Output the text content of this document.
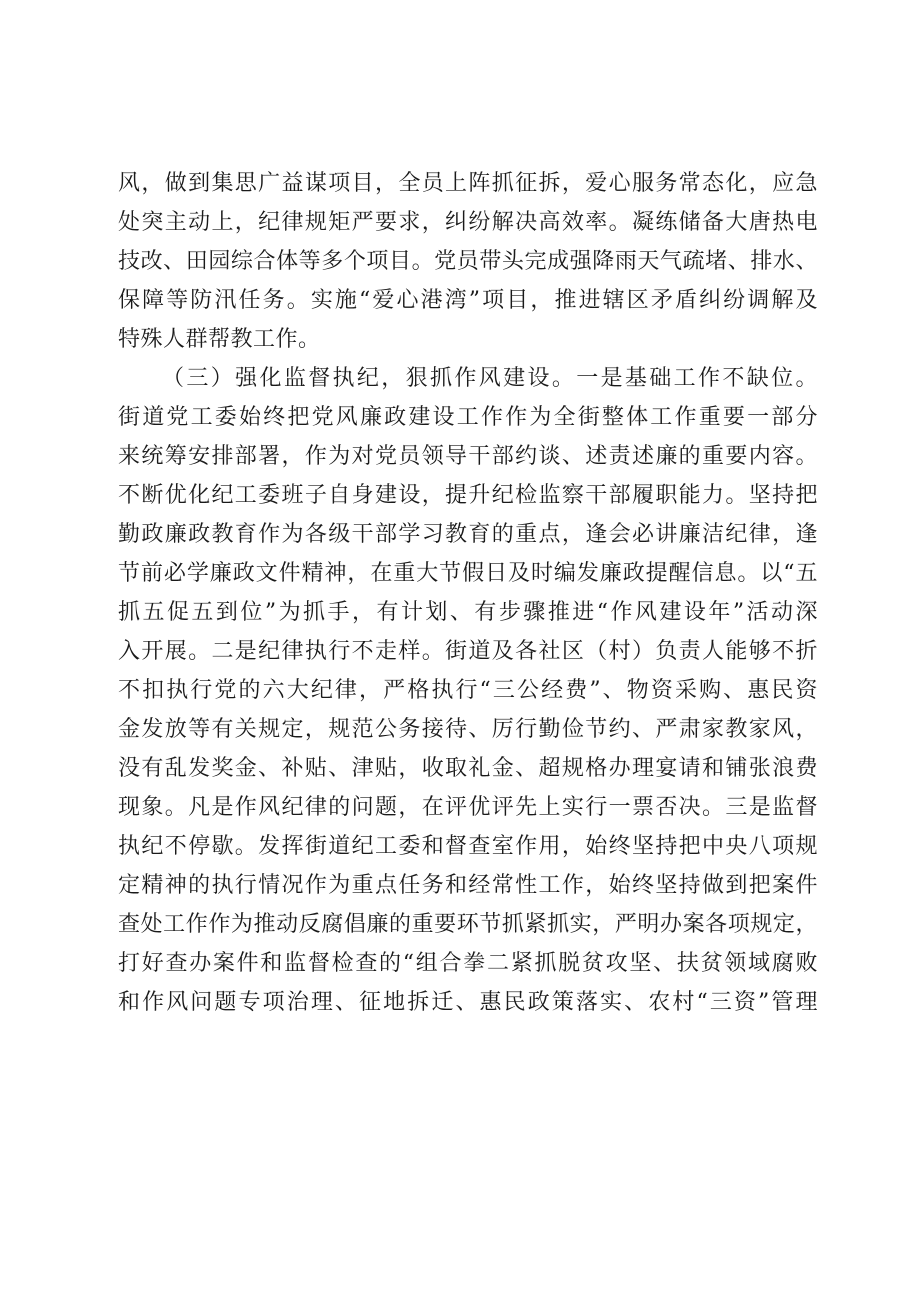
风，做到集思广益谋项目，全员上阵抓征拆，爱心服务常态化，应急
处突主动上，纪律规矩严要求，纠纷解决高效率。凝练储备大唐热电
技改、田园综合体等多个项目。党员带头完成强降雨天气疏堵、排水、
保障等防汛任务。实施“爱心港湾”项目，推进辖区矛盾纠纷调解及
特殊人群帮教工作。
（三）强化监督执纪，狠抓作风建设。一是基础工作不缺位。
街道党工委始终把党风廉政建设工作作为全街整体工作重要一部分
来统筹安排部署，作为对党员领导干部约谈、述责述廉的重要内容。
不断优化纪工委班子自身建设，提升纪检监察干部履职能力。坚持把
勤政廉政教育作为各级干部学习教育的重点，逢会必讲廉洁纪律，逢
节前必学廉政文件精神，在重大节假日及时编发廉政提醒信息。以“五
抓五促五到位”为抓手，有计划、有步骤推进“作风建设年”活动深
入开展。二是纪律执行不走样。街道及各社区（村）负责人能够不折
不扣执行党的六大纪律，严格执行“三公经费”、物资采购、惠民资
金发放等有关规定，规范公务接待、厉行勤俭节约、严肃家教家风，
没有乱发奖金、补贴、津贴，收取礼金、超规格办理宴请和铺张浪费
现象。凡是作风纪律的问题，在评优评先上实行一票否决。三是监督
执纪不停歇。发挥街道纪工委和督查室作用，始终坚持把中央八项规
定精神的执行情况作为重点任务和经常性工作，始终坚持做到把案件
查处工作作为推动反腐倡廉的重要环节抓紧抓实，严明办案各项规定，
打好查办案件和监督检查的“组合拳二紧抓脱贫攻坚、扶贫领域腐败
和作风问题专项治理、征地拆迁、惠民政策落实、农村“三资”管理
